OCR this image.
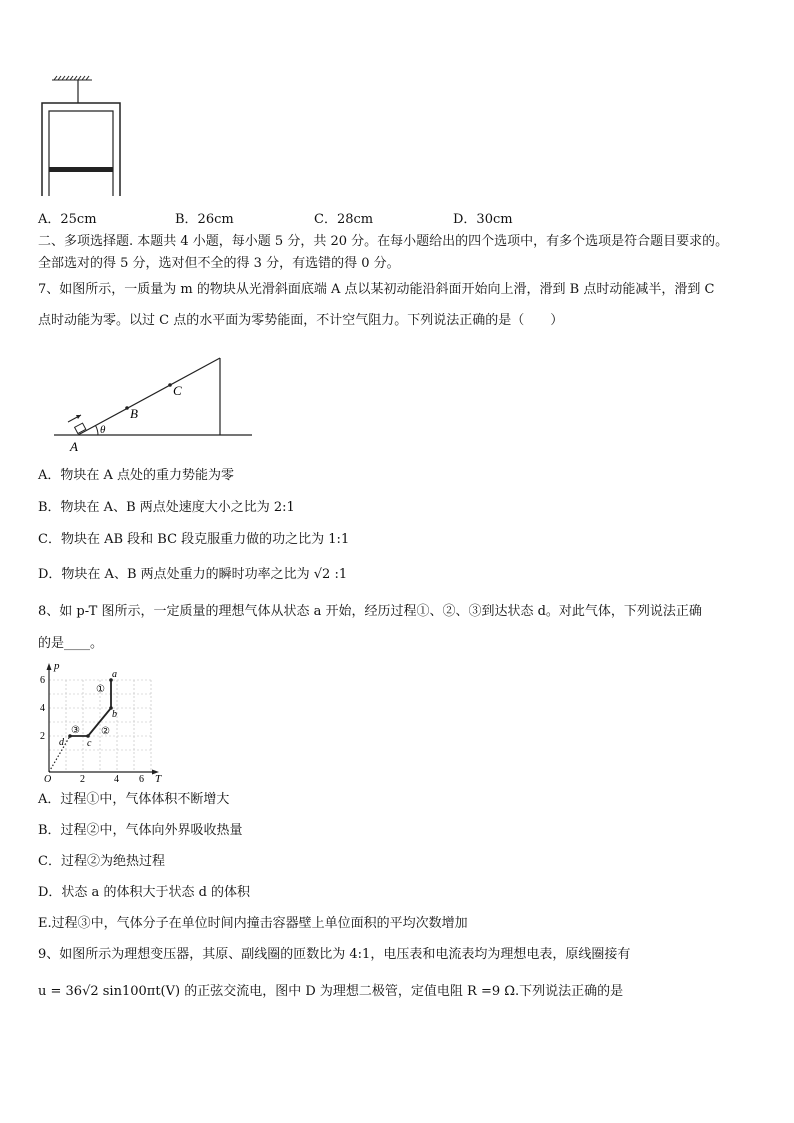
A．25cm	B．26cm	C．28cm	D．30cm
二、多项选择题. 本题共 4 小题，每小题 5 分，共 20 分。在每小题给出的四个选项中，有多个选项是符合题目要求的。
全部选对的得 5 分，选对但不全的得 3 分，有选错的得 0 分。
7、如图所示，一质量为 m 的物块从光滑斜面底端 A 点以某初动能沿斜面开始向上滑，滑到 B 点时动能减半，滑到 C
点时动能为零。以过 C 点的水平面为零势能面，不计空气阻力。下列说法正确的是（　　）
A
B
C
θ
A．物块在 A 点处的重力势能为零
B．物块在 A、B 两点处速度大小之比为 2:1
C．物块在 AB 段和 BC 段克服重力做的功之比为 1:1
D．物块在 A、B 两点处重力的瞬时功率之比为 √2 :1
8、如 p-T 图所示，一定质量的理想气体从状态 a 开始，经历过程①、②、③到达状态 d。对此气体，下列说法正确
的是____。
p
T
O
6
4
2
2	4 6
a
b
c
d
①
②
③
A．过程①中，气体体积不断增大
B．过程②中，气体向外界吸收热量
C．过程②为绝热过程
D．状态 a 的体积大于状态 d 的体积
E.过程③中，气体分子在单位时间内撞击容器壁上单位面积的平均次数增加
9、如图所示为理想变压器，其原、副线圈的匝数比为 4:1，电压表和电流表均为理想电表，原线圈接有
u = 36√2 sin100πt(V) 的正弦交流电，图中 D 为理想二极管，定值电阻 R =9 Ω.下列说法正确的是
